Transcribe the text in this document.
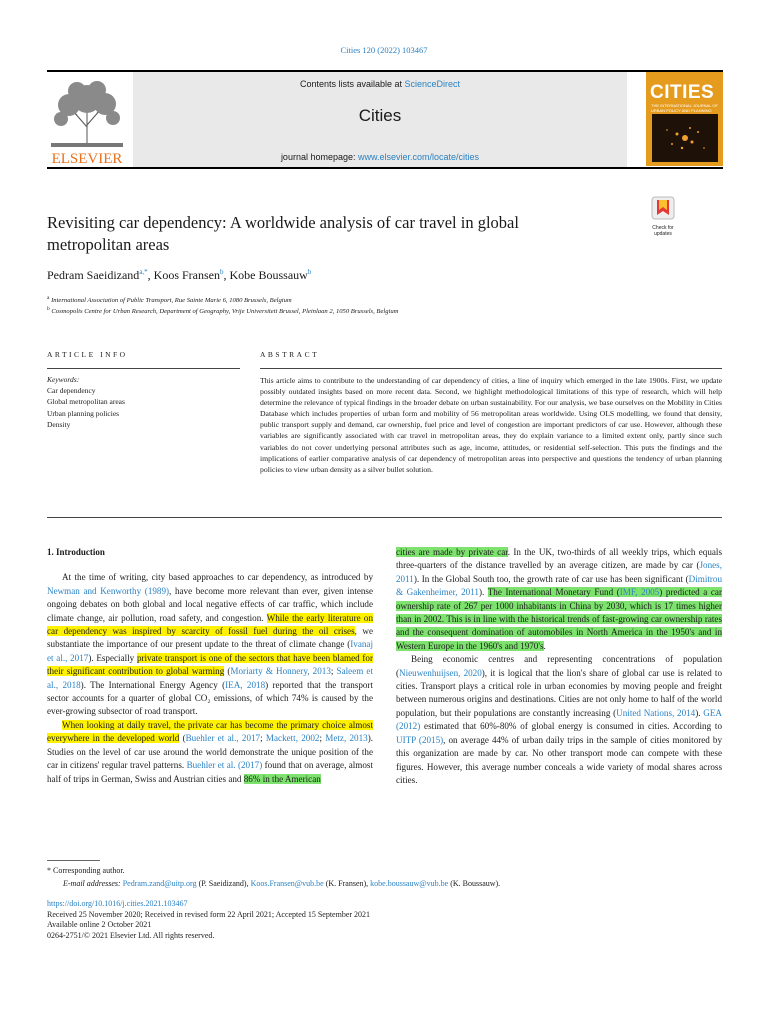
Cities 120 (2022) 103467
ELSEVIER
Contents lists available at ScienceDirect
Cities
journal homepage: www.elsevier.com/locate/cities
CITIES
THE INTERNATIONAL JOURNAL OF URBAN POLICY AND PLANNING
Revisiting car dependency: A worldwide analysis of car travel in global metropolitan areas
Check for updates
Pedram Saeidizand$^{a,*}$, Koos Fransen$^b$, Kobe Boussauw$^b$
$^a$ International Association of Public Transport, Rue Sainte Marie 6, 1080 Brussels, Belgium
$^b$ Cosmopolis Centre for Urban Research, Department of Geography, Vrije Universiteit Brussel, Pleinlaan 2, 1050 Brussels, Belgium
ARTICLE INFO	ABSTRACT
Keywords:
Car dependency
Global metropolitan areas
Urban planning policies
Density
This article aims to contribute to the understanding of car dependency of cities, a line of inquiry which emerged in the late 1900s. First, we update possibly outdated insights based on more recent data. Second, we highlight methodological limitations of this type of research, which will help determine the relevance of typical findings in the broader debate on urban sustainability. For our analysis, we base ourselves on the Mobility in Cities Database which includes properties of urban form and mobility of 56 metropolitan areas worldwide. Using OLS modelling, we found that density, public transport supply and demand, car ownership, fuel price and level of congestion are important predictors of car use. However, although these variables are significantly associated with car travel in metropolitan areas, they do explain variance to a limited extent only, partly since such variables do not cover underlying personal attributes such as age, income, attitudes, or residential self-selection. This puts the findings and the implications of earlier comparative analysis of car dependency of metropolitan areas into perspective and questions the tendency of urban planning policies to view urban density as a silver bullet solution.

1. Introduction

At the time of writing, city based approaches to car dependency, as introduced by Newman and Kenworthy (1989), have become more relevant than ever, given intense ongoing debates on both global and local negative effects of car traffic, which include climate change, air pollution, road safety, and congestion. While the early literature on car dependency was inspired by scarcity of fossil fuel during the oil crises, we substantiate the importance of our present update to the threat of climate change (Ivanaj et al., 2017). Especially private transport is one of the sectors that have been blamed for their significant contribution to global warming (Moriarty & Honnery, 2013; Saleem et al., 2018). The International Energy Agency (IEA, 2018) reported that the transport sector accounts for a quarter of global CO₂ emissions, of which 74% is caused by the ever-growing subsector of road transport.

When looking at daily travel, the private car has become the primary choice almost everywhere in the developed world (Buehler et al., 2017; Mackett, 2002; Metz, 2013). Studies on the level of car use around the world demonstrate the unique position of the car in citizens' regular travel patterns. Buehler et al. (2017) found that on average, almost half of trips in German, Swiss and Austrian cities and 86% in the American

cities are made by private car. In the UK, two-thirds of all weekly trips, which equals three-quarters of the distance travelled by an average citizen, are made by car (Jones, 2011). In the Global South too, the growth rate of car use has been significant (Dimitrou & Gakenheimer, 2011). The International Monetary Fund (IMF, 2005) predicted a car ownership rate of 267 per 1000 inhabitants in China by 2030, which is 17 times higher than in 2002. This is in line with the historical trends of fast-growing car ownership rates and the consequent domination of automobiles in North America in the 1950's and in Western Europe in the 1960's and 1970's.

Being economic centres and representing concentrations of population (Nieuwenhuijsen, 2020), it is logical that the lion's share of global car use is related to cities. Transport plays a critical role in urban economies by moving people and freight between numerous origins and destinations. Cities are not only home to half of the world population, but their populations are constantly increasing (United Nations, 2014). GEA (2012) estimated that 60%-80% of global energy is consumed in cities. According to UITP (2015), on average 44% of urban daily trips in the sample of cities monitored by this organization are made by car. No other transport mode can compete with these figures. However, this average number conceals a wide variety of modal shares across cities.

* Corresponding author.
E-mail addresses: Pedram.zand@uitp.org (P. Saeidizand), Koos.Fransen@vub.be (K. Fransen), kobe.boussauw@vub.be (K. Boussauw).
https://doi.org/10.1016/j.cities.2021.103467
Received 25 November 2020; Received in revised form 22 April 2021; Accepted 15 September 2021
Available online 2 October 2021
0264-2751/© 2021 Elsevier Ltd. All rights reserved.
